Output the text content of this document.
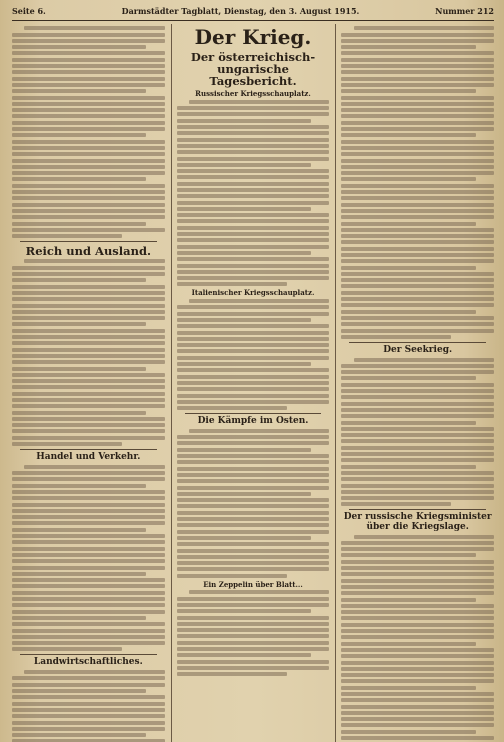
Seite 6.	Darmstädter Tagblatt, Dienstag, den 3. August 1915.	Nummer 212
Reich und Ausland.
Handel und Verkehr.
Landwirtschaftliches.
Der Krieg.
Der österreichisch-ungarische Tagesbericht.
Russischer Kriegsschauplatz.
Italienischer Kriegsschauplatz.
Die Kämpfe im Osten.
Ein Zeppelin über Blatt...
Der Seekrieg.
Der russische Kriegsminister über die Kriegslage.
